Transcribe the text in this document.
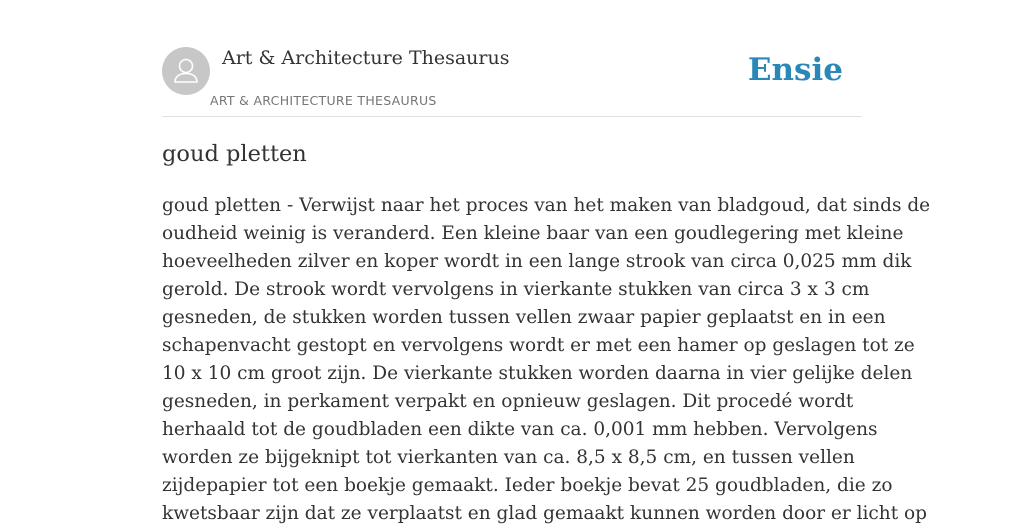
Art & Architecture Thesaurus
ART & ARCHITECTURE THESAURUS
Ensie
goud pletten

goud pletten - Verwijst naar het proces van het maken van bladgoud, dat sinds de
oudheid weinig is veranderd. Een kleine baar van een goudlegering met kleine
hoeveelheden zilver en koper wordt in een lange strook van circa 0,025 mm dik
gerold. De strook wordt vervolgens in vierkante stukken van circa 3 x 3 cm
gesneden, de stukken worden tussen vellen zwaar papier geplaatst en in een
schapenvacht gestopt en vervolgens wordt er met een hamer op geslagen tot ze
10 x 10 cm groot zijn. De vierkante stukken worden daarna in vier gelijke delen
gesneden, in perkament verpakt en opnieuw geslagen. Dit procedé wordt
herhaald tot de goudbladen een dikte van ca. 0,001 mm hebben. Vervolgens
worden ze bijgeknipt tot vierkanten van ca. 8,5 x 8,5 cm, en tussen vellen
zijdepapier tot een boekje gemaakt. Ieder boekje bevat 25 goudbladen, die zo
kwetsbaar zijn dat ze verplaatst en glad gemaakt kunnen worden door er licht op
